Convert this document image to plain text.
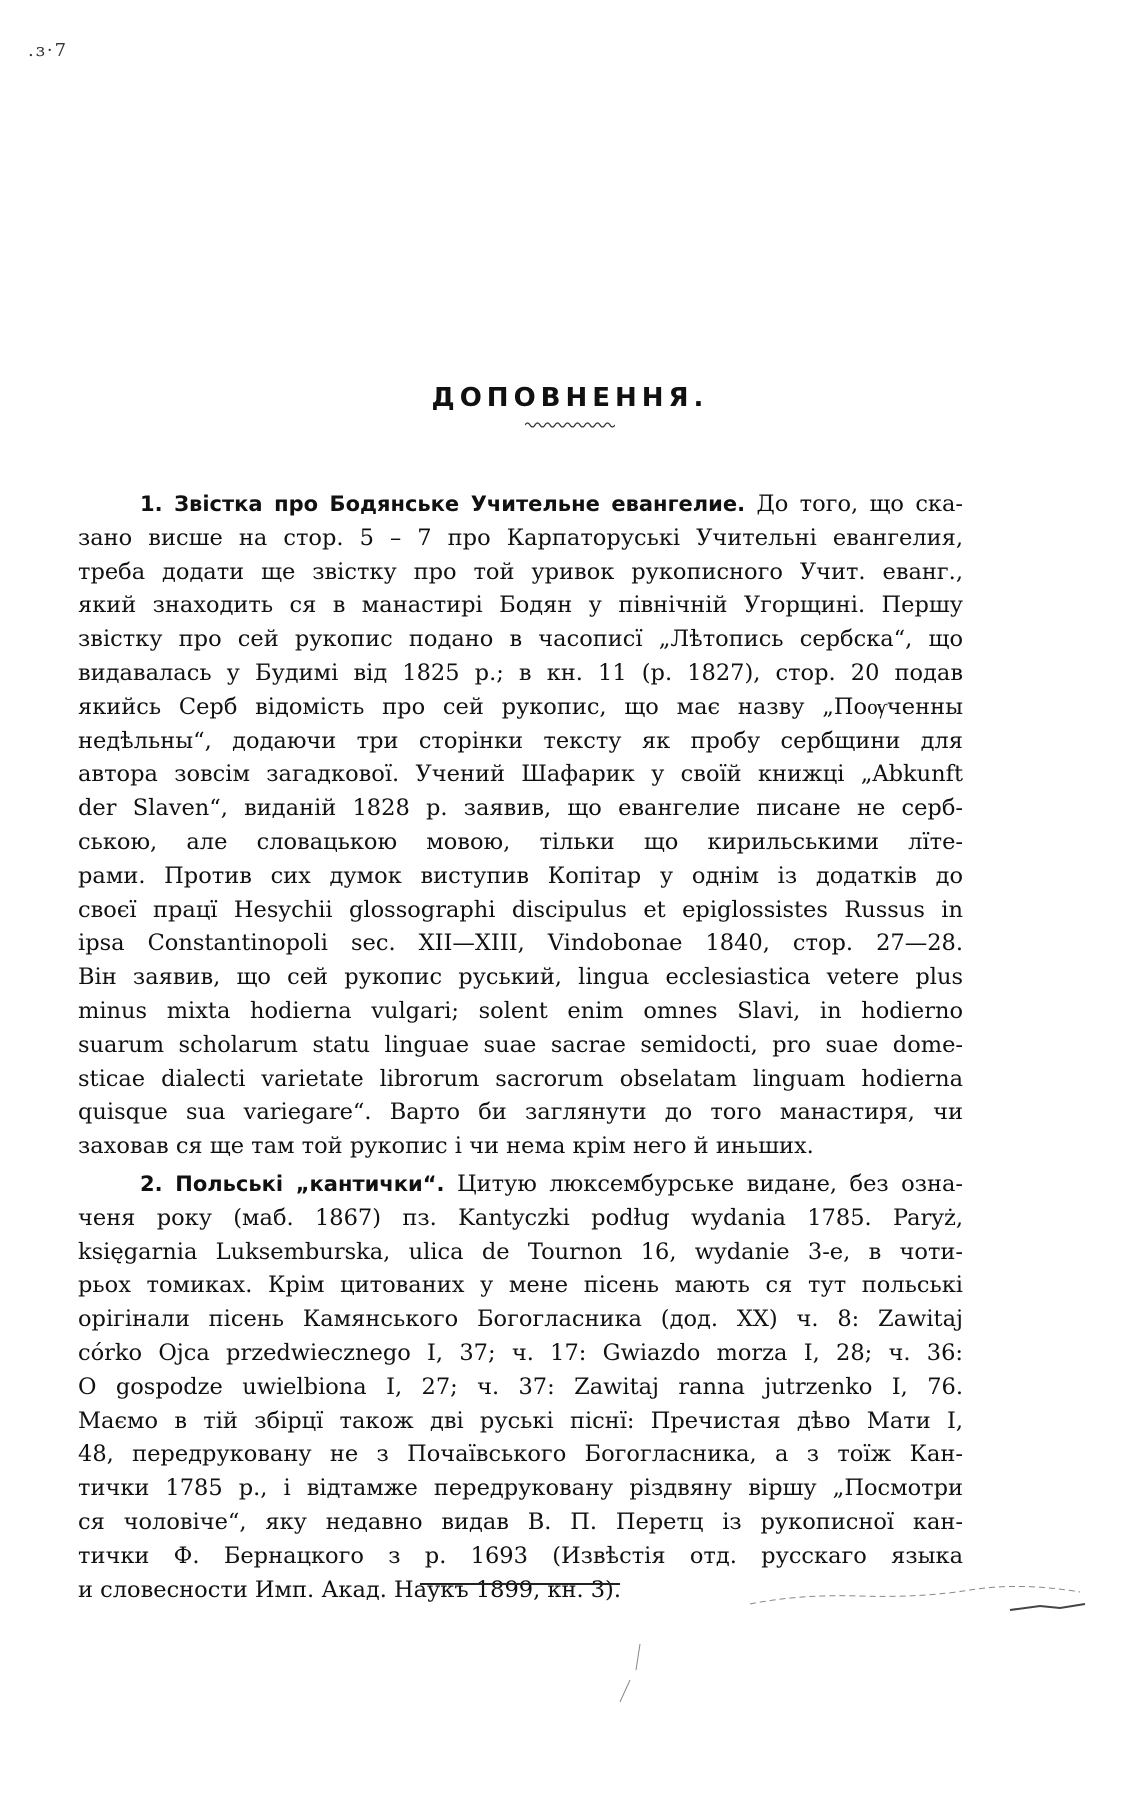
.ɜ·7
ДОПОВНЕННЯ.
1. Звістка про Бодянське Учительне евангелие. До того, що ска-
зано висше на стор. 5 – 7 про Карпаторуські Учительні евангелия,
треба додати ще звістку про той уривок рукописного Учит. еванг.,
який знаходить ся в манастирі Бодян у північній Угорщині. Першу
звістку про сей рукопис подано в часописї „Лѣтопись сербска“, що
видавалась у Будимі від 1825 р.; в кн. 11 (р. 1827), стор. 20 подав
якийсь Серб відомість про сей рукопис, що має назву „Поѹченны
недѣльны“, додаючи три сторінки тексту як пробу сербщини для
автора зовсім загадкової. Учений Шафарик у своїй книжці „Abkunft
der Slaven“, виданій 1828 р. заявив, що евангелие писане не серб-
ською, але словацькою мовою, тільки що кирильськими лїте-
рами. Против сих думок виступив Копітар у однім із додатків до
своєї працї Hesychii glossographi discipulus et epiglossistes Russus in
ipsa Constantinopoli sec. XII—XIII, Vindobonae 1840, стор. 27—28.
Він заявив, що сей рукопис руський, lingua ecclesiastica vetere plus
minus mixta hodierna vulgari; solent enim omnes Slavi, in hodierno
suarum scholarum statu linguae suae sacrae semidocti, pro suae dome-
sticae dialecti varietate librorum sacrorum obselatam linguam hodierna
quisque sua variegare“. Варто би заглянути до того манастиря, чи
заховав ся ще там той рукопис і чи нема крім него й иньших.
2. Польські „кантички“. Цитую люксембурське видане, без озна-
ченя року (маб. 1867) пз. Kantyczki podług wydania 1785. Paryż,
księgarnia Luksemburska, ulica de Tournon 16, wydanie 3-e, в чоти-
рьох томиках. Крім цитованих у мене пісень мають ся тут польські
орігінали пісень Камянського Богогласника (дод. XX) ч. 8: Zawitaj
córko Ojca przedwiecznego I, 37; ч. 17: Gwiazdo morza I, 28; ч. 36:
O gospodze uwielbiona I, 27; ч. 37: Zawitaj ranna jutrzenko I, 76.
Маємо в тій збірцї також дві руські піснї: Пречистая дѣво Мати I,
48, передруковану не з Почаївського Богогласника, а з тоїж Кан-
тички 1785 р., і відтамже передруковану різдвяну віршу „Посмотри
ся чоловіче“, яку недавно видав В. П. Перетц із рукописної кан-
тички Ф. Бернацкого з р. 1693 (Извѣстія отд. русскаго языка
и словесности Имп. Акад. Наукъ 1899, кн. 3).
